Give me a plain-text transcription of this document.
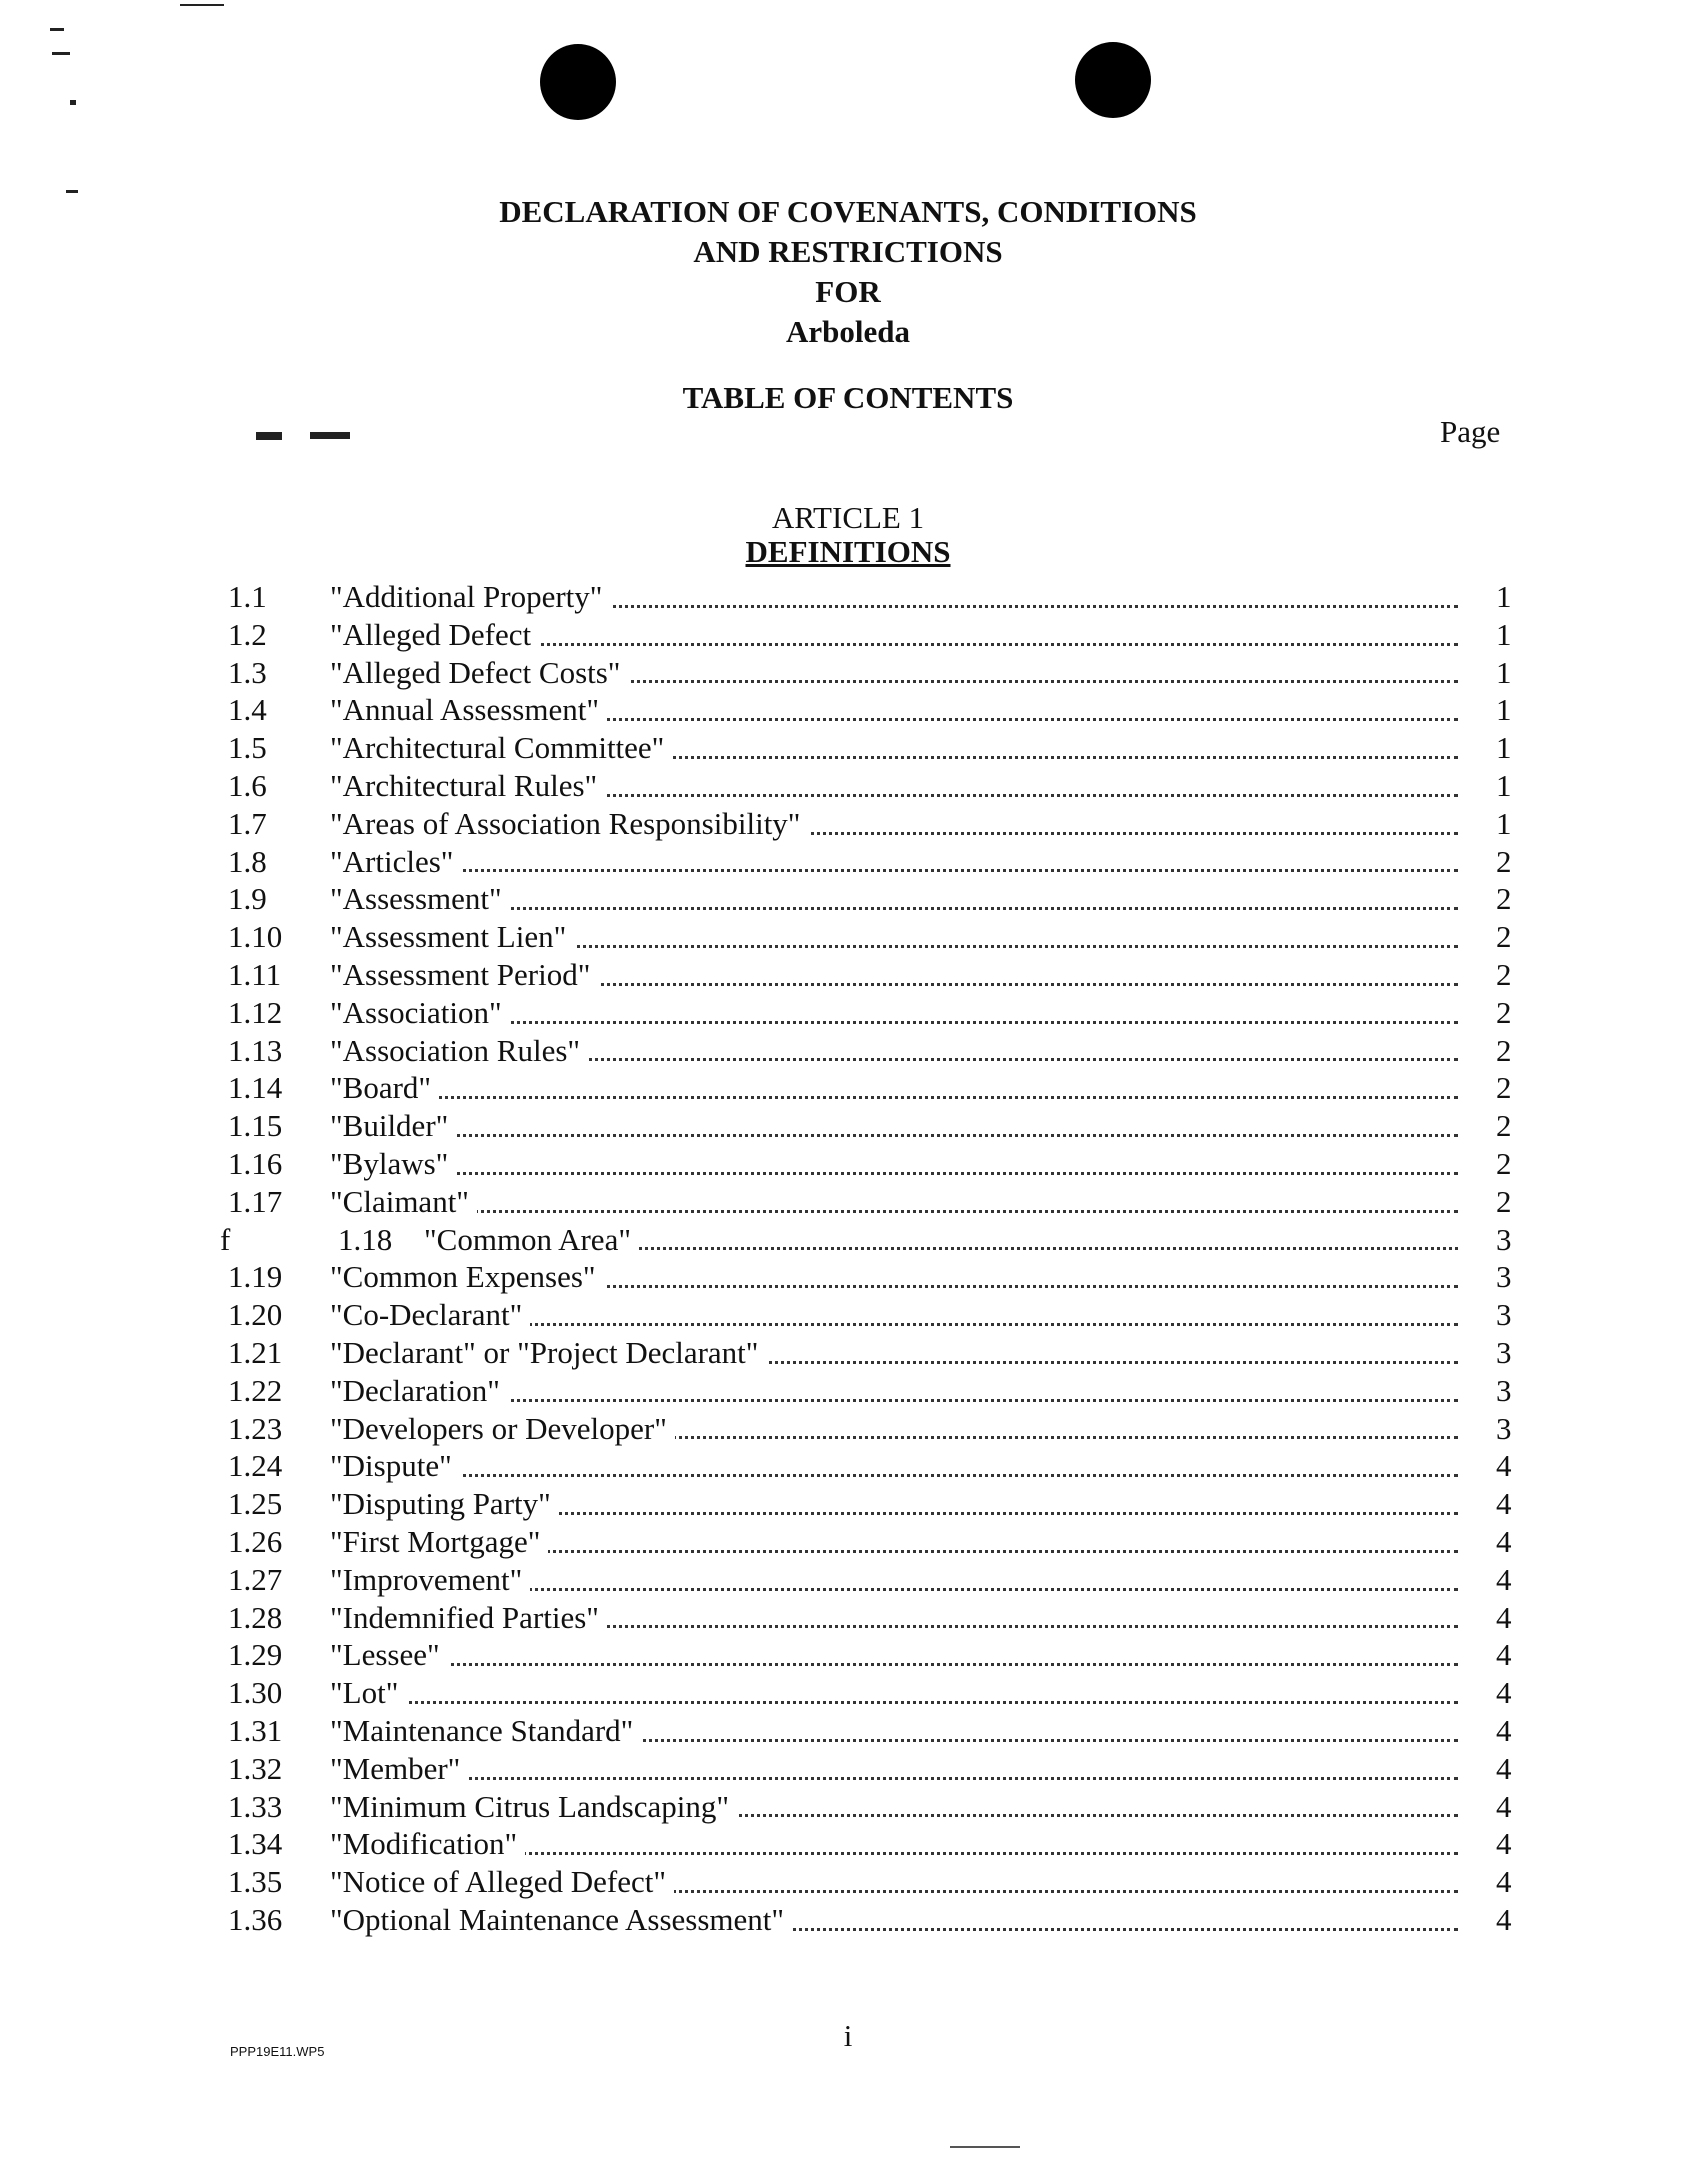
DECLARATION OF COVENANTS, CONDITIONS
AND RESTRICTIONS
FOR
Arboleda
TABLE OF CONTENTS
Page
ARTICLE 1
DEFINITIONS
1.1	"Additional Property"	1
1.2	"Alleged Defect	1
1.3	"Alleged Defect Costs"	1
1.4	"Annual Assessment"	1
1.5	"Architectural Committee"	1
1.6	"Architectural Rules"	1
1.7	"Areas of Association Responsibility"	1
1.8	"Articles"	2
1.9	"Assessment"	2
1.10	"Assessment Lien"	2
1.11	"Assessment Period"	2
1.12	"Association"	2
1.13	"Association Rules"	2
1.14	"Board"	2
1.15	"Builder"	2
1.16	"Bylaws"	2
1.17	"Claimant"	2
f	1.18	"Common Area"	3
1.19	"Common Expenses"	3
1.20	"Co-Declarant"	3
1.21	"Declarant" or "Project Declarant"	3
1.22	"Declaration"	3
1.23	"Developers or Developer"	3
1.24	"Dispute"	4
1.25	"Disputing Party"	4
1.26	"First Mortgage"	4
1.27	"Improvement"	4
1.28	"Indemnified Parties"	4
1.29	"Lessee"	4
1.30	"Lot"	4
1.31	"Maintenance Standard"	4
1.32	"Member"	4
1.33	"Minimum Citrus Landscaping"	4
1.34	"Modification"	4
1.35	"Notice of Alleged Defect"	4
1.36	"Optional Maintenance Assessment"	4
i
PPP19E11.WP5
